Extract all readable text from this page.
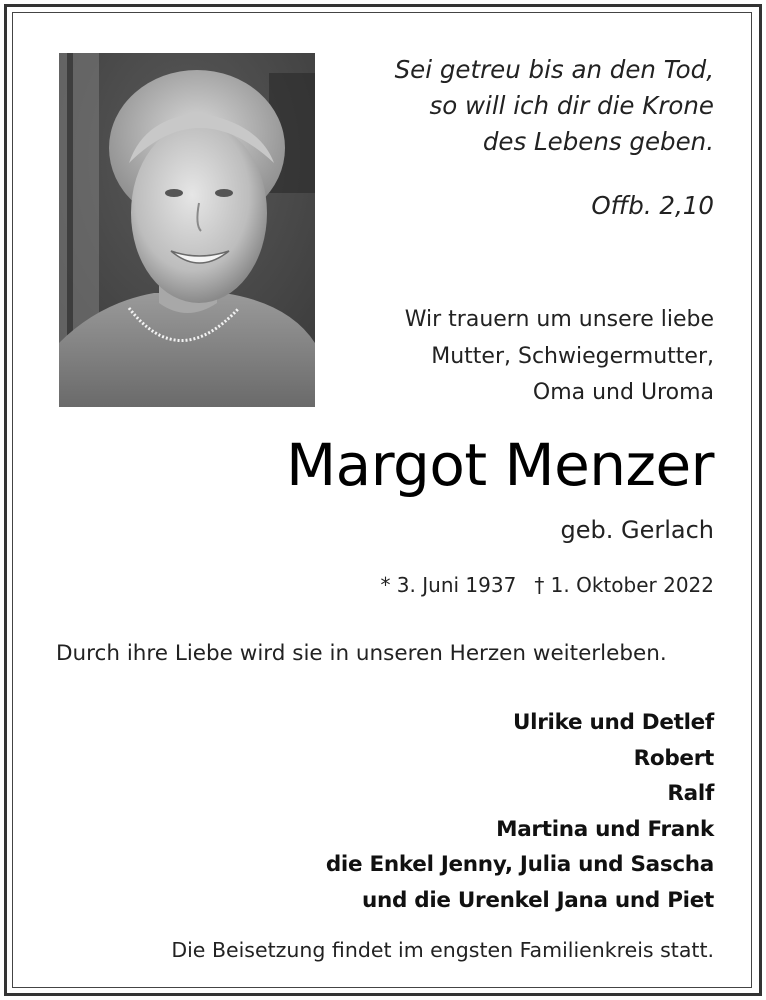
Sei getreu bis an den Tod,
so will ich dir die Krone
des Lebens geben.
Offb. 2,10
Wir trauern um unsere liebe
Mutter, Schwiegermutter,
Oma und Uroma
Margot Menzer
geb. Gerlach
* 3. Juni 1937 † 1. Oktober 2022
Durch ihre Liebe wird sie in unseren Herzen weiterleben.
Ulrike und Detlef
Robert
Ralf
Martina und Frank
die Enkel Jenny, Julia und Sascha
und die Urenkel Jana und Piet
Die Beisetzung findet im engsten Familienkreis statt.
